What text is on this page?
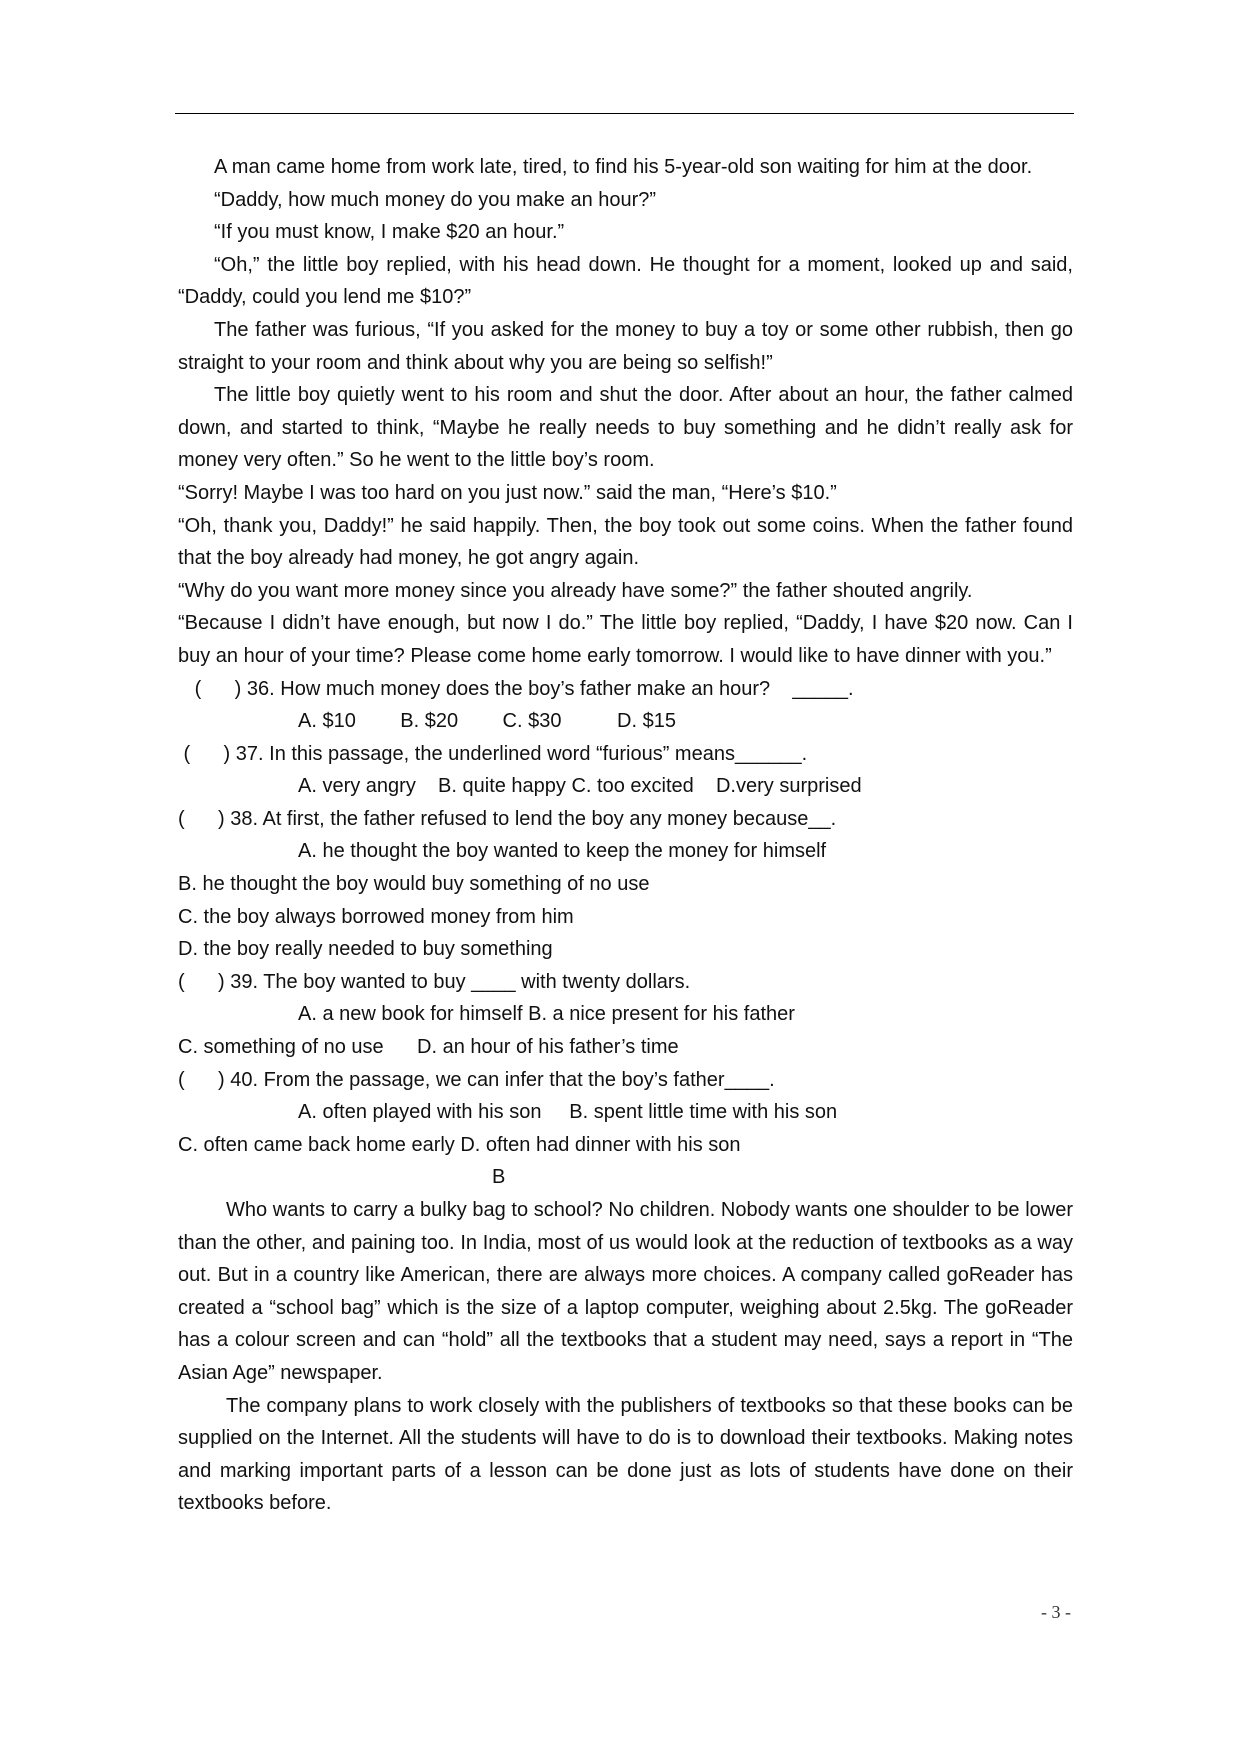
A man came home from work late, tired, to find his 5-year-old son waiting for him at the door.

“Daddy, how much money do you make an hour?”

“If you must know, I make $20 an hour.”

“Oh,” the little boy replied, with his head down. He thought for a moment, looked up and said, “Daddy, could you lend me $10?”

The father was furious, “If you asked for the money to buy a toy or some other rubbish, then go straight to your room and think about why you are being so selfish!”

The little boy quietly went to his room and shut the door. After about an hour, the father calmed down, and started to think, “Maybe he really needs to buy something and he didn’t really ask for money very often.” So he went to the little boy’s room.

“Sorry! Maybe I was too hard on you just now.” said the man, “Here’s $10.”

“Oh, thank you, Daddy!” he said happily. Then, the boy took out some coins. When the father found that the boy already had money, he got angry again.

“Why do you want more money since you already have some?” the father shouted angrily.

“Because I didn’t have enough, but now I do.” The little boy replied, “Daddy, I have $20 now. Can I buy an hour of your time? Please come home early tomorrow. I would like to have dinner with you.”

(      ) 36. How much money does the boy’s father make an hour?    _____.

A. $10        B. $20        C. $30          D. $15

(      ) 37. In this passage, the underlined word “furious” means______.

A. very angry    B. quite happy C. too excited    D.very surprised

(      ) 38. At first, the father refused to lend the boy any money because__.

A. he thought the boy wanted to keep the money for himself

B. he thought the boy would buy something of no use

C. the boy always borrowed money from him

D. the boy really needed to buy something

(      ) 39. The boy wanted to buy ____ with twenty dollars.

A. a new book for himself B. a nice present for his father

C. something of no use      D. an hour of his father’s time

(      ) 40. From the passage, we can infer that the boy’s father____.

A. often played with his son     B. spent little time with his son

C. often came back home early D. often had dinner with his son

B

Who wants to carry a bulky bag to school? No children. Nobody wants one shoulder to be lower than the other, and paining too. In India, most of us would look at the reduction of textbooks as a way out. But in a country like American, there are always more choices. A company called goReader has created a “school bag” which is the size of a laptop computer, weighing about 2.5kg. The goReader has a colour screen and can “hold” all the textbooks that a student may need, says a report in “The Asian Age” newspaper.

The company plans to work closely with the publishers of textbooks so that these books can be supplied on the Internet. All the students will have to do is to download their textbooks. Making notes and marking important parts of a lesson can be done just as lots of students have done on their textbooks before.

- 3 -
